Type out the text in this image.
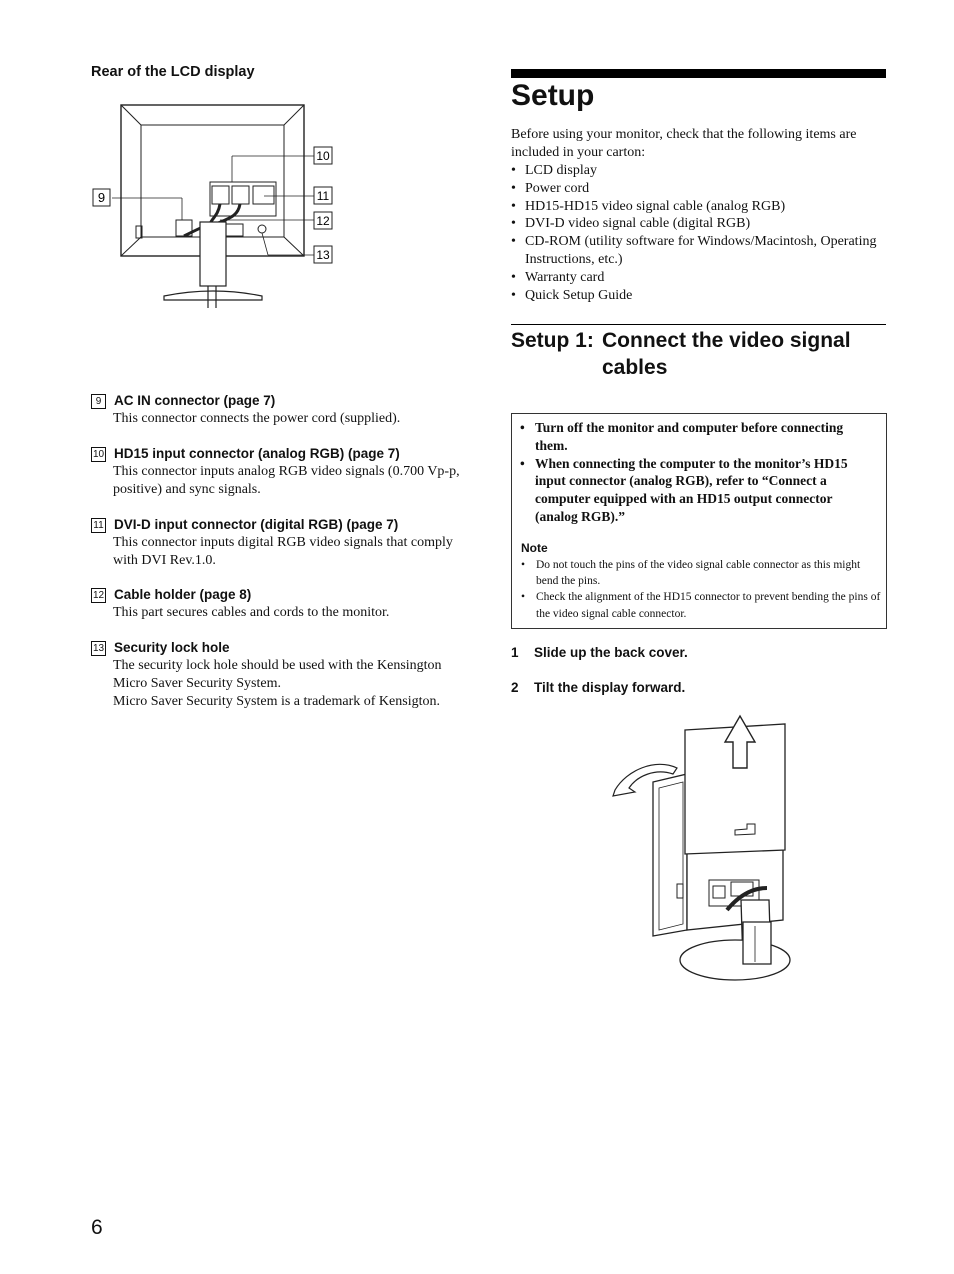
Rear of the LCD display
9
10
11
12
13
9 AC IN connector (page 7)
This connector connects the power cord (supplied).
10 HD15 input connector (analog RGB) (page 7)
This connector inputs analog RGB video signals (0.700 Vp-p, positive) and sync signals.
11 DVI-D input connector (digital RGB) (page 7)
This connector inputs digital RGB video signals that comply with DVI Rev.1.0.
12 Cable holder (page 8)
This part secures cables and cords to the monitor.
13 Security lock hole
The security lock hole should be used with the Kensington Micro Saver Security System.
Micro Saver Security System is a trademark of Kensigton.
Setup
Before using your monitor, check that the following items are included in your carton:
• LCD display
• Power cord
• HD15-HD15 video signal cable (analog RGB)
• DVI-D video signal cable (digital RGB)
• CD-ROM (utility software for Windows/Macintosh, Operating Instructions, etc.)
• Warranty card
• Quick Setup Guide
Setup 1: Connect the video signal
cables
• Turn off the monitor and computer before connecting them.
• When connecting the computer to the monitor’s HD15 input connector (analog RGB), refer to “Connect a computer equipped with an HD15 output connector (analog RGB).”
Note
• Do not touch the pins of the video signal cable connector as this might bend the pins.
• Check the alignment of the HD15 connector to prevent bending the pins of the video signal cable connector.
1 Slide up the back cover.
2 Tilt the display forward.
6
